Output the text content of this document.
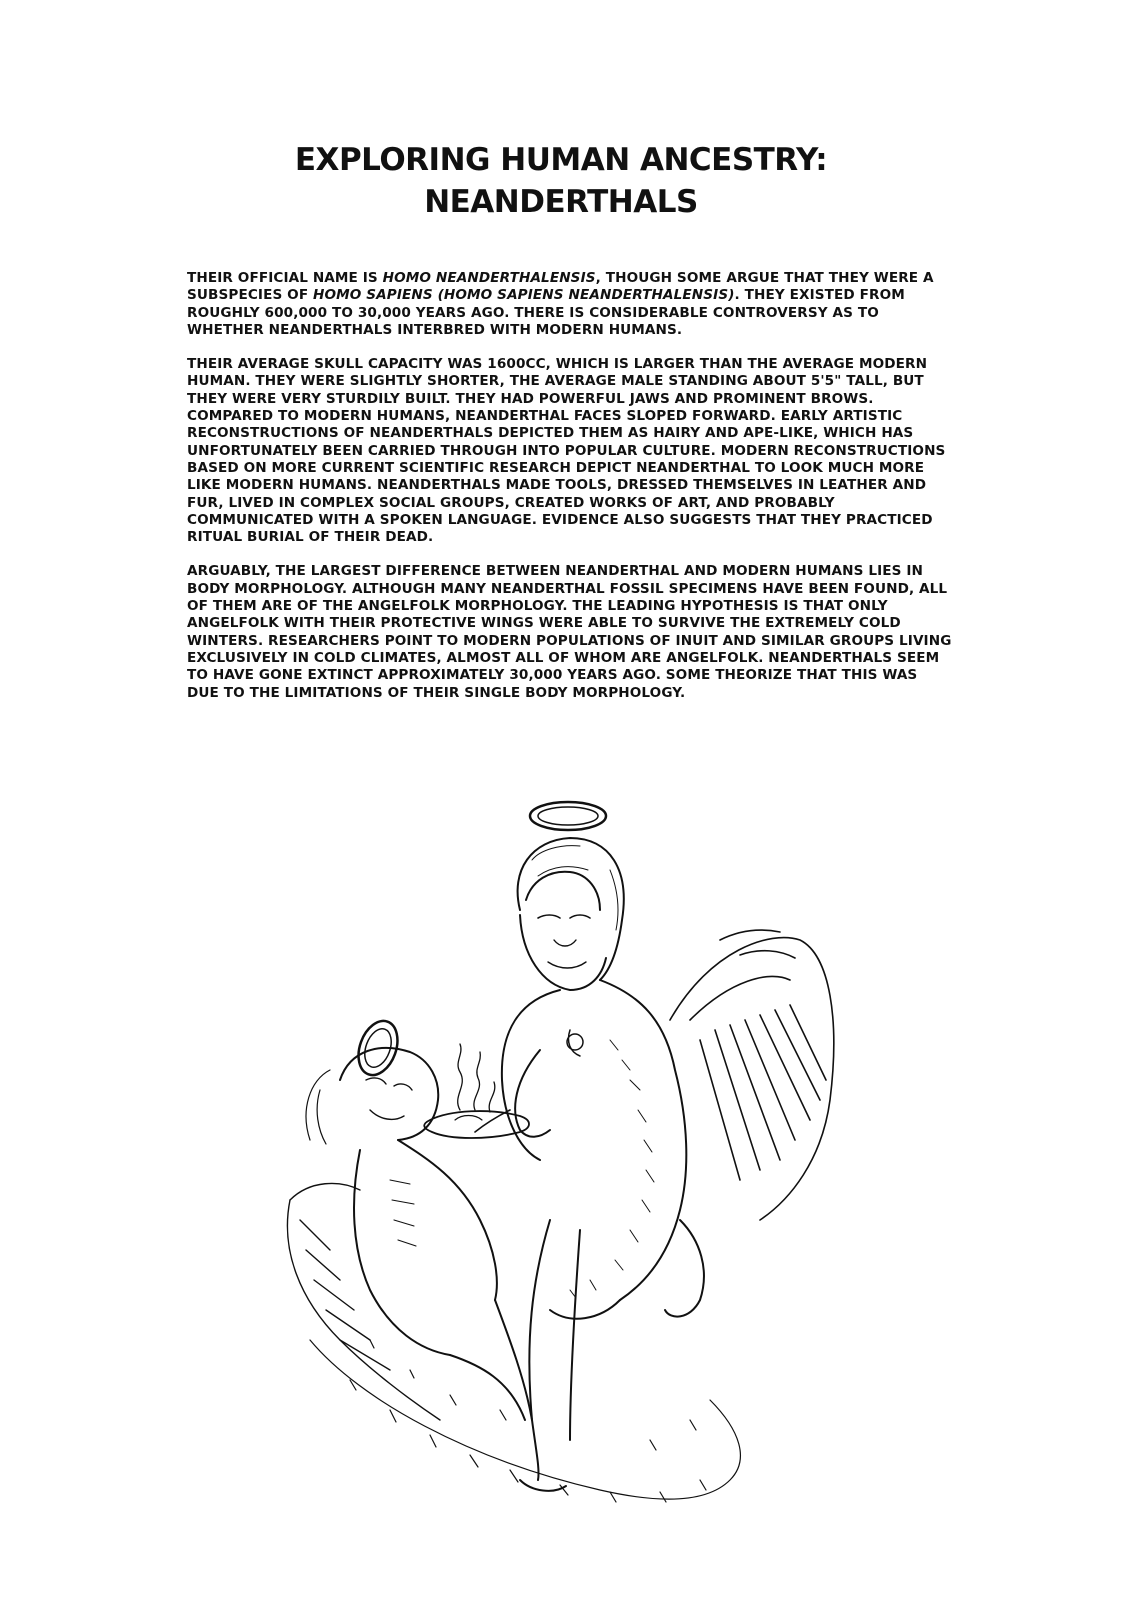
EXPLORING HUMAN ANCESTRY:
NEANDERTHALS

THEIR OFFICIAL NAME IS HOMO NEANDERTHALENSIS, THOUGH SOME ARGUE THAT THEY WERE A SUBSPECIES OF HOMO SAPIENS (HOMO SAPIENS NEANDERTHALENSIS). THEY EXISTED FROM ROUGHLY 600,000 TO 30,000 YEARS AGO. THERE IS CONSIDERABLE CONTROVERSY AS TO WHETHER NEANDERTHALS INTERBRED WITH MODERN HUMANS.

THEIR AVERAGE SKULL CAPACITY WAS 1600CC, WHICH IS LARGER THAN THE AVERAGE MODERN HUMAN. THEY WERE SLIGHTLY SHORTER, THE AVERAGE MALE STANDING ABOUT 5'5" TALL, BUT THEY WERE VERY STURDILY BUILT. THEY HAD POWERFUL JAWS AND PROMINENT BROWS. COMPARED TO MODERN HUMANS, NEANDERTHAL FACES SLOPED FORWARD. EARLY ARTISTIC RECONSTRUCTIONS OF NEANDERTHALS DEPICTED THEM AS HAIRY AND APE-LIKE, WHICH HAS UNFORTUNATELY BEEN CARRIED THROUGH INTO POPULAR CULTURE. MODERN RECONSTRUCTIONS BASED ON MORE CURRENT SCIENTIFIC RESEARCH DEPICT NEANDERTHAL TO LOOK MUCH MORE LIKE MODERN HUMANS. NEANDERTHALS MADE TOOLS, DRESSED THEMSELVES IN LEATHER AND FUR, LIVED IN COMPLEX SOCIAL GROUPS, CREATED WORKS OF ART, AND PROBABLY COMMUNICATED WITH A SPOKEN LANGUAGE. EVIDENCE ALSO SUGGESTS THAT THEY PRACTICED RITUAL BURIAL OF THEIR DEAD.

ARGUABLY, THE LARGEST DIFFERENCE BETWEEN NEANDERTHAL AND MODERN HUMANS LIES IN BODY MORPHOLOGY. ALTHOUGH MANY NEANDERTHAL FOSSIL SPECIMENS HAVE BEEN FOUND, ALL OF THEM ARE OF THE ANGELFOLK MORPHOLOGY. THE LEADING HYPOTHESIS IS THAT ONLY ANGELFOLK WITH THEIR PROTECTIVE WINGS WERE ABLE TO SURVIVE THE EXTREMELY COLD WINTERS. RESEARCHERS POINT TO MODERN POPULATIONS OF INUIT AND SIMILAR GROUPS LIVING EXCLUSIVELY IN COLD CLIMATES, ALMOST ALL OF WHOM ARE ANGELFOLK. NEANDERTHALS SEEM TO HAVE GONE EXTINCT APPROXIMATELY 30,000 YEARS AGO. SOME THEORIZE THAT THIS WAS DUE TO THE LIMITATIONS OF THEIR SINGLE BODY MORPHOLOGY.
